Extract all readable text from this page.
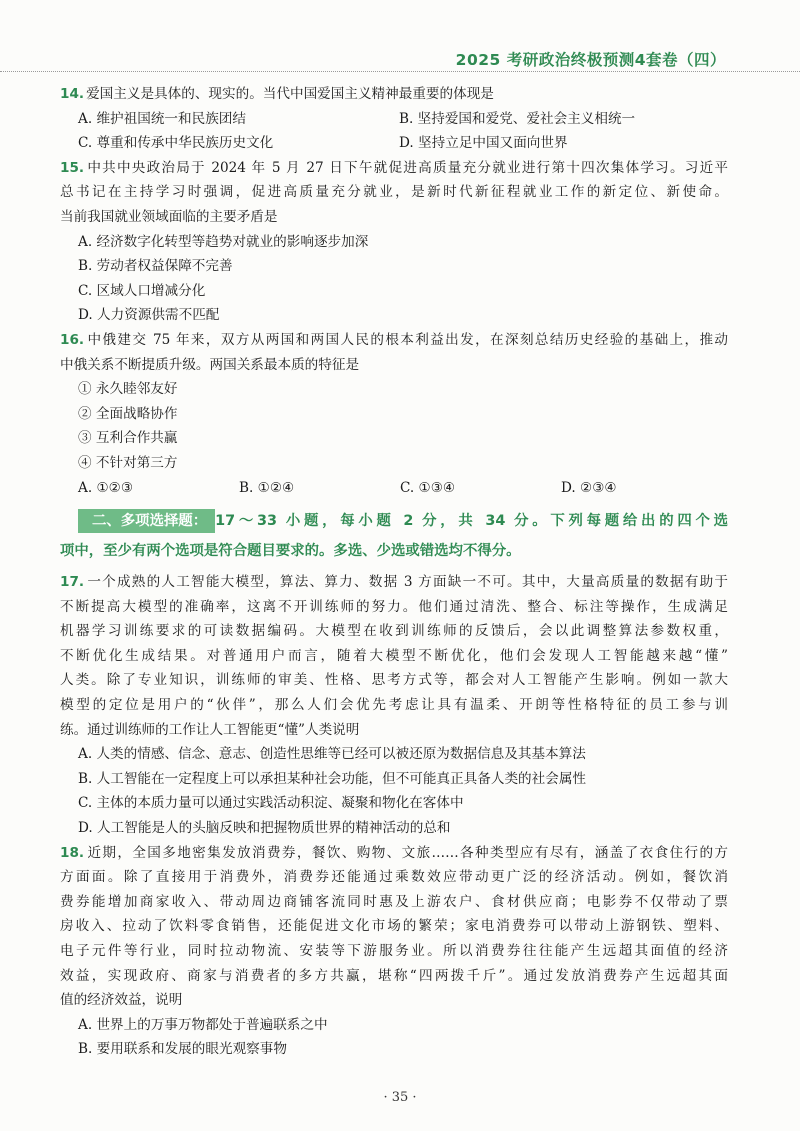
2025 考研政治终极预测4套卷（四）
14. 爱国主义是具体的、现实的。当代中国爱国主义精神最重要的体现是
A. 维护祖国统一和民族团结	B. 坚持爱国和爱党、爱社会主义相统一
C. 尊重和传承中华民族历史文化	D. 坚持立足中国又面向世界
15. 中共中央政治局于 2024 年 5 月 27 日下午就促进高质量充分就业进行第十四次集体学习。习近平
总书记在主持学习时强调，促进高质量充分就业，是新时代新征程就业工作的新定位、新使命。
当前我国就业领域面临的主要矛盾是
A. 经济数字化转型等趋势对就业的影响逐步加深
B. 劳动者权益保障不完善
C. 区域人口增减分化
D. 人力资源供需不匹配
16. 中俄建交 75 年来，双方从两国和两国人民的根本利益出发，在深刻总结历史经验的基础上，推动
中俄关系不断提质升级。两国关系最本质的特征是
① 永久睦邻友好
② 全面战略协作
③ 互利合作共赢
④ 不针对第三方
A. ①②③	B. ①②④	C. ①③④	D. ②③④
二、多项选择题： 17～33 小题，每小题 2 分，共 34 分。下列每题给出的四个选
项中，至少有两个选项是符合题目要求的。多选、少选或错选均不得分。
17. 一个成熟的人工智能大模型，算法、算力、数据 3 方面缺一不可。其中，大量高质量的数据有助于
不断提高大模型的准确率，这离不开训练师的努力。他们通过清洗、整合、标注等操作，生成满足
机器学习训练要求的可读数据编码。大模型在收到训练师的反馈后，会以此调整算法参数权重，
不断优化生成结果。对普通用户而言，随着大模型不断优化，他们会发现人工智能越来越“懂”
人类。除了专业知识，训练师的审美、性格、思考方式等，都会对人工智能产生影响。例如一款大
模型的定位是用户的“伙伴”，那么人们会优先考虑让具有温柔、开朗等性格特征的员工参与训
练。通过训练师的工作让人工智能更“懂”人类说明
A. 人类的情感、信念、意志、创造性思维等已经可以被还原为数据信息及其基本算法
B. 人工智能在一定程度上可以承担某种社会功能，但不可能真正具备人类的社会属性
C. 主体的本质力量可以通过实践活动积淀、凝聚和物化在客体中
D. 人工智能是人的头脑反映和把握物质世界的精神活动的总和
18. 近期，全国多地密集发放消费券，餐饮、购物、文旅……各种类型应有尽有，涵盖了衣食住行的方
方面面。除了直接用于消费外，消费券还能通过乘数效应带动更广泛的经济活动。例如，餐饮消
费券能增加商家收入、带动周边商铺客流同时惠及上游农户、食材供应商；电影券不仅带动了票
房收入、拉动了饮料零食销售，还能促进文化市场的繁荣；家电消费券可以带动上游钢铁、塑料、
电子元件等行业，同时拉动物流、安装等下游服务业。所以消费券往往能产生远超其面值的经济
效益，实现政府、商家与消费者的多方共赢，堪称“四两拨千斤”。通过发放消费券产生远超其面
值的经济效益，说明
A. 世界上的万事万物都处于普遍联系之中
B. 要用联系和发展的眼光观察事物
· 35 ·
